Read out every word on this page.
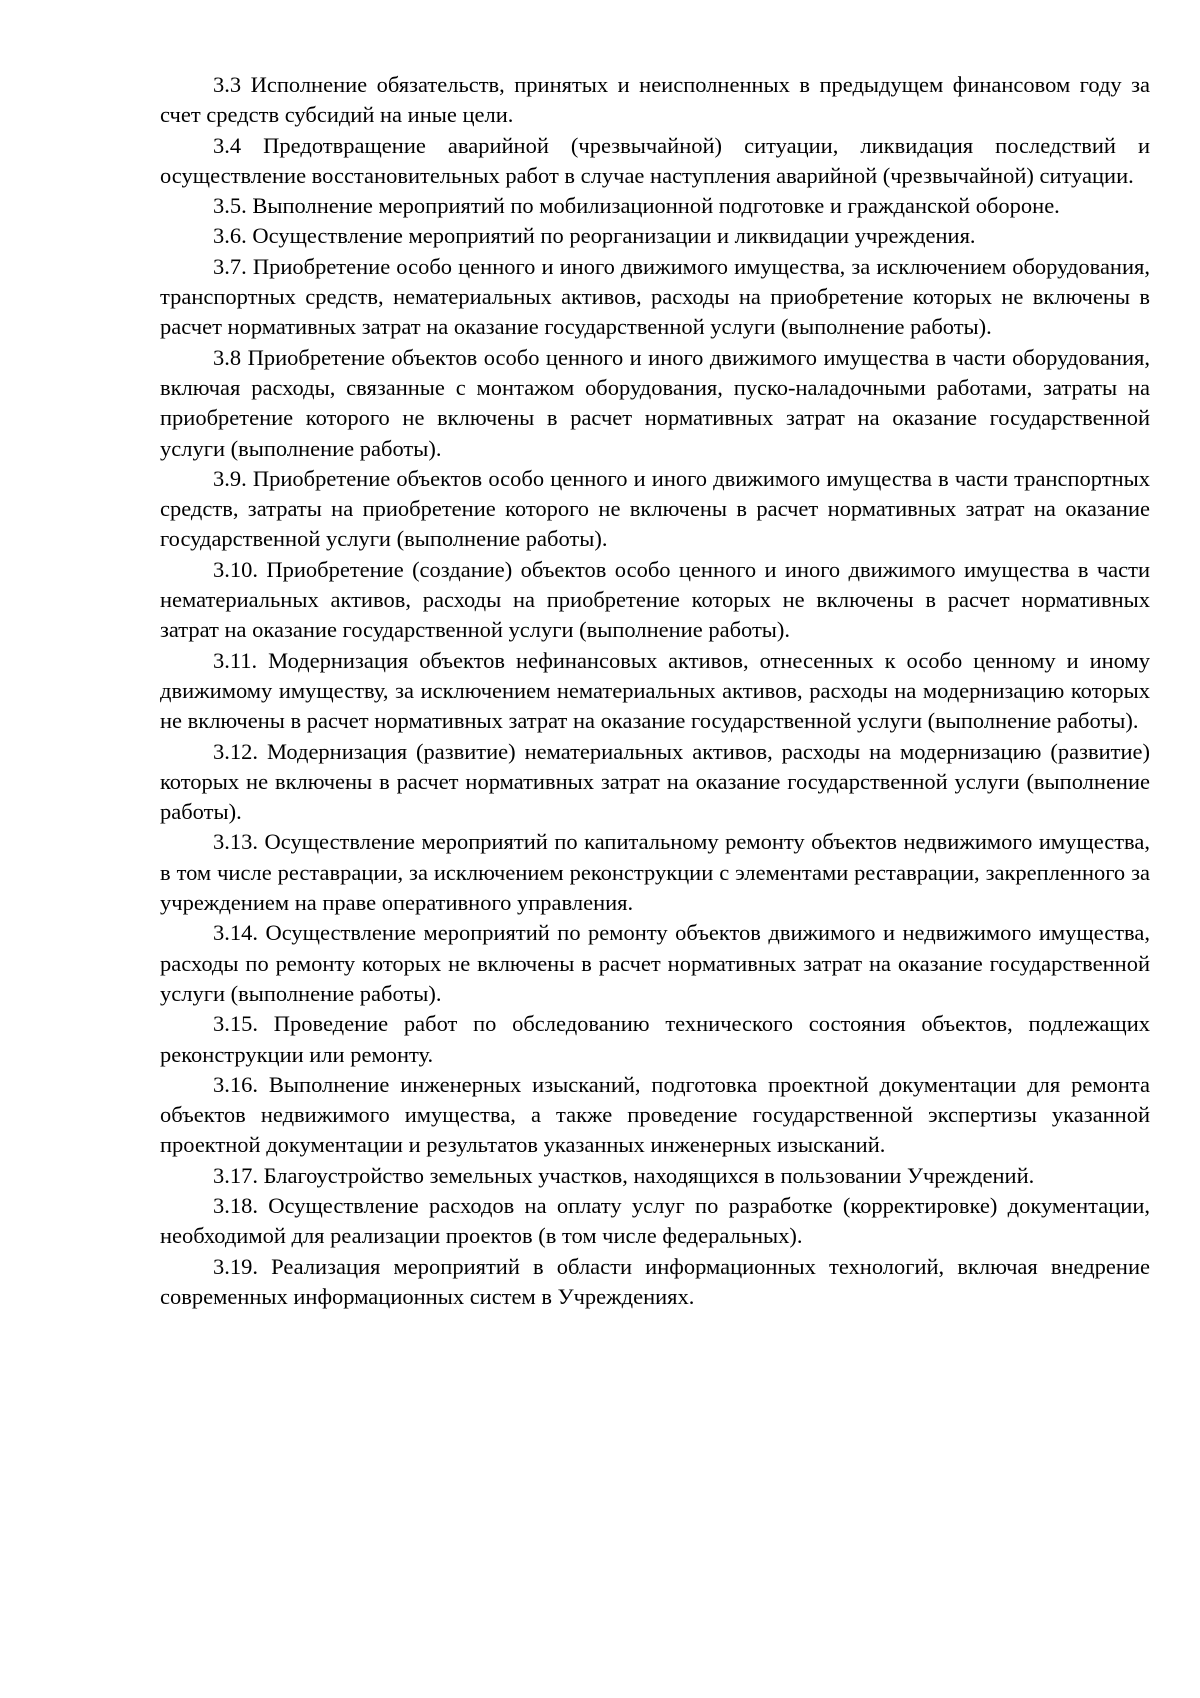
3.3 Исполнение обязательств, принятых и неисполненных в предыдущем финансовом году за счет средств субсидий на иные цели.

3.4 Предотвращение аварийной (чрезвычайной) ситуации, ликвидация последствий и осуществление восстановительных работ в случае наступления аварийной (чрезвычайной) ситуации.

3.5. Выполнение мероприятий по мобилизационной подготовке и гражданской обороне.

3.6. Осуществление мероприятий по реорганизации и ликвидации учреждения.

3.7. Приобретение особо ценного и иного движимого имущества, за исключением оборудования, транспортных средств, нематериальных активов, расходы на приобретение которых не включены в расчет нормативных затрат на оказание государственной услуги (выполнение работы).

3.8 Приобретение объектов особо ценного и иного движимого имущества в части оборудования, включая расходы, связанные с монтажом оборудования, пуско-наладочными работами, затраты на приобретение которого не включены в расчет нормативных затрат на оказание государственной услуги (выполнение работы).

3.9. Приобретение объектов особо ценного и иного движимого имущества в части транспортных средств, затраты на приобретение которого не включены в расчет нормативных затрат на оказание государственной услуги (выполнение работы).

3.10. Приобретение (создание) объектов особо ценного и иного движимого имущества в части нематериальных активов, расходы на приобретение которых не включены в расчет нормативных затрат на оказание государственной услуги (выполнение работы).

3.11. Модернизация объектов нефинансовых активов, отнесенных к особо ценному и иному движимому имуществу, за исключением нематериальных активов, расходы на модернизацию которых не включены в расчет нормативных затрат на оказание государственной услуги (выполнение работы).

3.12. Модернизация (развитие) нематериальных активов, расходы на модернизацию (развитие) которых не включены в расчет нормативных затрат на оказание государственной услуги (выполнение работы).

3.13. Осуществление мероприятий по капитальному ремонту объектов недвижимого имущества, в том числе реставрации, за исключением реконструкции с элементами реставрации, закрепленного за учреждением на праве оперативного управления.

3.14. Осуществление мероприятий по ремонту объектов движимого и недвижимого имущества, расходы по ремонту которых не включены в расчет нормативных затрат на оказание государственной услуги (выполнение работы).

3.15. Проведение работ по обследованию технического состояния объектов, подлежащих реконструкции или ремонту.

3.16. Выполнение инженерных изысканий, подготовка проектной документации для ремонта объектов недвижимого имущества, а также проведение государственной экспертизы указанной проектной документации и результатов указанных инженерных изысканий.

3.17. Благоустройство земельных участков, находящихся в пользовании Учреждений.

3.18. Осуществление расходов на оплату услуг по разработке (корректировке) документации, необходимой для реализации проектов (в том числе федеральных).

3.19. Реализация мероприятий в области информационных технологий, включая внедрение современных информационных систем в Учреждениях.
